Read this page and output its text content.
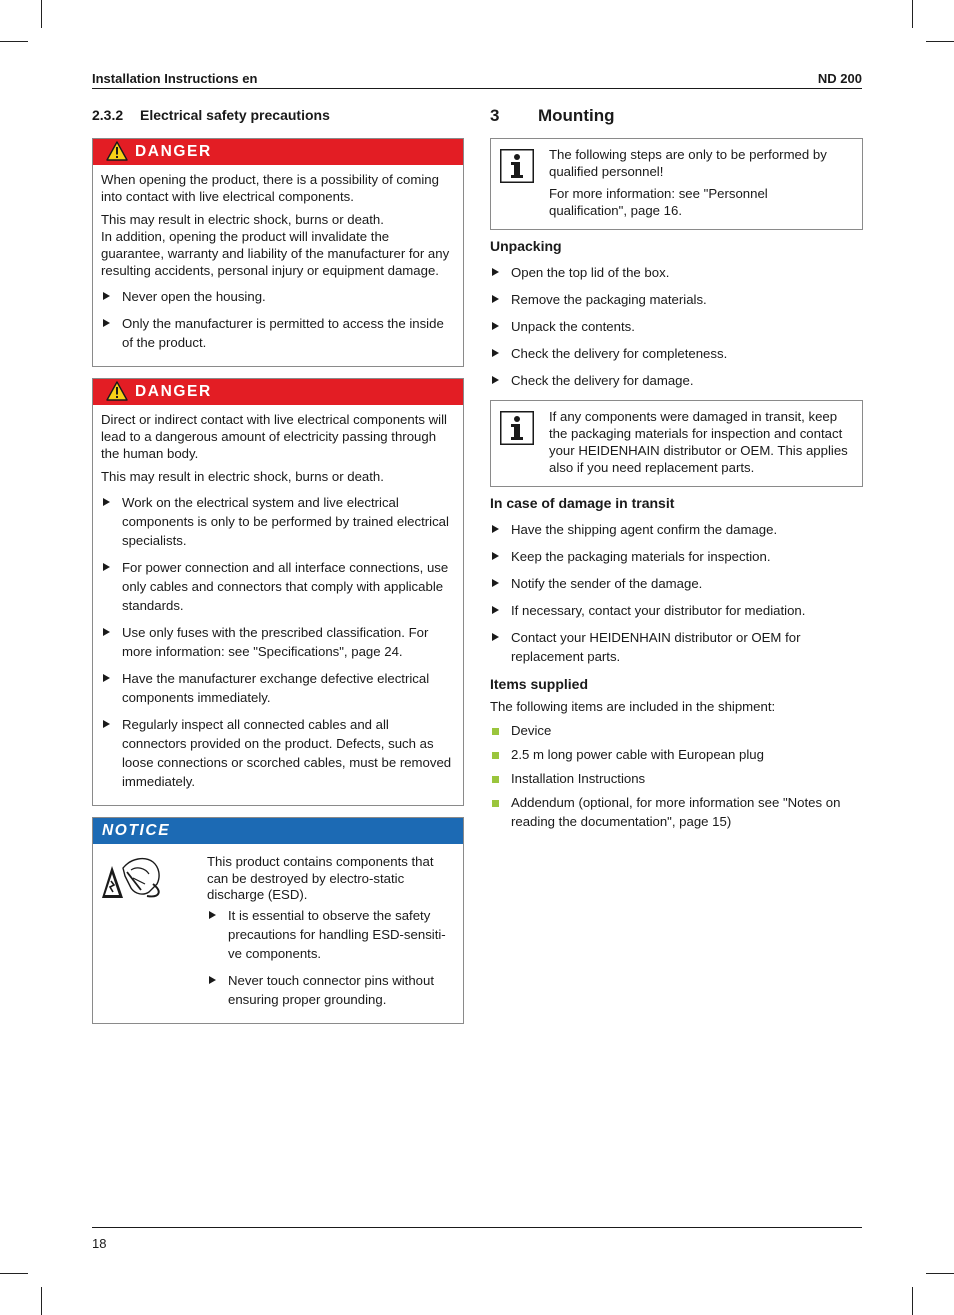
Installation Instructions en	ND 200
2.3.2 Electrical safety precautions
DANGER

When opening the product, there is a possibility of coming into contact with live electrical components.

This may result in electric shock, burns or death.

In addition, opening the product will invalidate the guarantee, warranty and liability of the manufacturer for any resulting accidents, personal injury or equipment damage.

Never open the housing.
Only the manufacturer is permitted to access the inside of the product.
DANGER

Direct or indirect contact with live electrical components will lead to a dangerous amount of electricity passing through the human body.

This may result in electric shock, burns or death.

Work on the electrical system and live electrical components is only to be performed by trained electrical specialists.
For power connection and all interface connections, use only cables and connectors that comply with applicable standards.
Use only fuses with the prescribed classification. For more information: see "Specifications", page 24.
Have the manufacturer exchange defective electrical components immediately.
Regularly inspect all connected cables and all connectors provided on the product. Defects, such as loose connections or scorched cables, must be removed immediately.
NOTICE

This product contains components that can be destroyed by electro-static discharge (ESD).

It is essential to observe the safety precautions for handling ESD-sensiti-ve components.
Never touch connector pins without ensuring proper grounding.
3 Mounting

The following steps are only to be performed by qualified personnel!

For more information: see "Personnel qualification", page 16.

Unpacking
Open the top lid of the box.
Remove the packaging materials.
Unpack the contents.
Check the delivery for completeness.
Check the delivery for damage.

If any components were damaged in transit, keep the packaging materials for inspection and contact your HEIDENHAIN distributor or OEM. This applies also if you need replacement parts.

In case of damage in transit
Have the shipping agent confirm the damage.
Keep the packaging materials for inspection.
Notify the sender of the damage.
If necessary, contact your distributor for mediation.
Contact your HEIDENHAIN distributor or OEM for replacement parts.
Items supplied

The following items are included in the shipment:

Device
2.5 m long power cable with European plug
Installation Instructions
Addendum (optional, for more information see "Notes on reading the documentation", page 15)
18
